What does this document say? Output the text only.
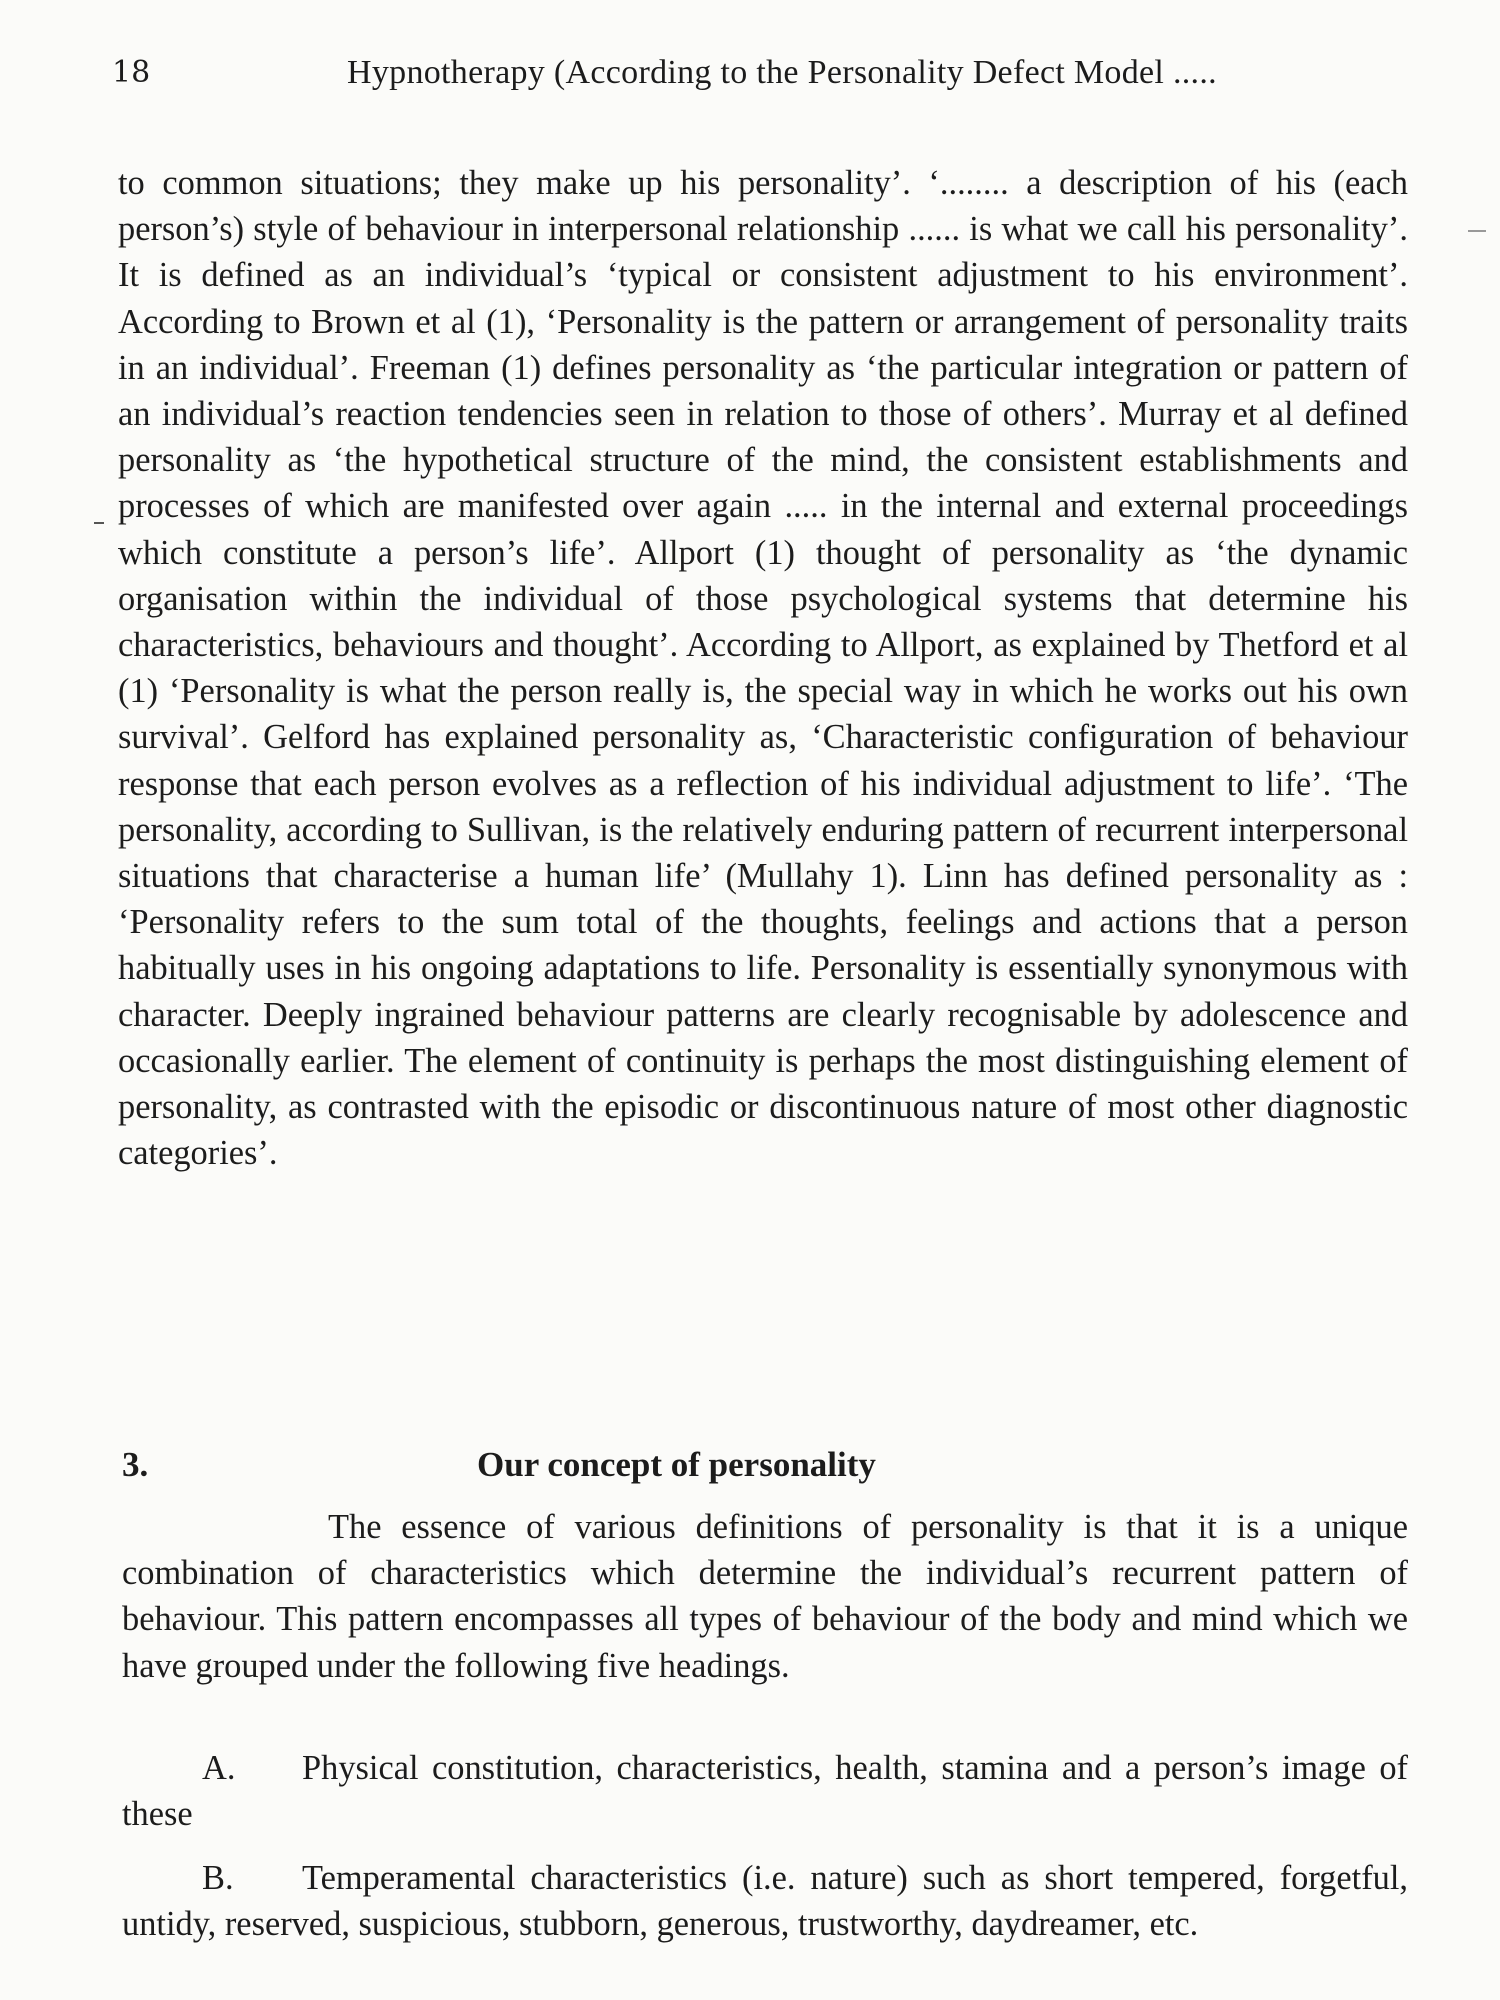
18	Hypnotherapy (According to the Personality Defect Model .....

to common situations; they make up his personality’. ‘........ a description of his (each person’s) style of behaviour in interpersonal relationship ...... is what we call his personality’. It is defined as an individual’s ‘typical or consistent adjustment to his environment’. According to Brown et al (1), ‘Personality is the pattern or arrangement of personality traits in an individual’. Freeman (1) defines personality as ‘the particular integration or pattern of an individual’s reaction tendencies seen in relation to those of others’. Murray et al defined personality as ‘the hypothetical structure of the mind, the consistent establishments and processes of which are manifested over again ..... in the internal and external proceedings which constitute a person’s life’. Allport (1) thought of personality as ‘the dynamic organisation within the individual of those psychological systems that determine his characteristics, behaviours and thought’. According to Allport, as explained by Thetford et al (1) ‘Personality is what the person really is, the special way in which he works out his own survival’. Gelford has explained personality as, ‘Characteristic configuration of behaviour response that each person evolves as a reflection of his individual adjustment to life’. ‘The personality, according to Sullivan, is the relatively enduring pattern of recurrent interpersonal situations that characterise a human life’ (Mullahy 1). Linn has defined personality as : ‘Personality refers to the sum total of the thoughts, feelings and actions that a person habitually uses in his ongoing adaptations to life. Personality is essentially synonymous with character. Deeply ingrained behaviour patterns are clearly recognisable by adolescence and occasionally earlier. The element of continuity is perhaps the most distinguishing element of personality, as contrasted with the episodic or discontinuous nature of most other diagnostic categories’.

3.	Our concept of personality

The essence of various definitions of personality is that it is a unique combination of characteristics which determine the individual’s recurrent pattern of behaviour. This pattern encompasses all types of behaviour of the body and mind which we have grouped under the following five headings.

A. Physical constitution, characteristics, health, stamina and a person’s image of these

B. Temperamental characteristics (i.e. nature) such as short tempered, forgetful, untidy, reserved, suspicious, stubborn, generous, trustworthy, daydreamer, etc.
